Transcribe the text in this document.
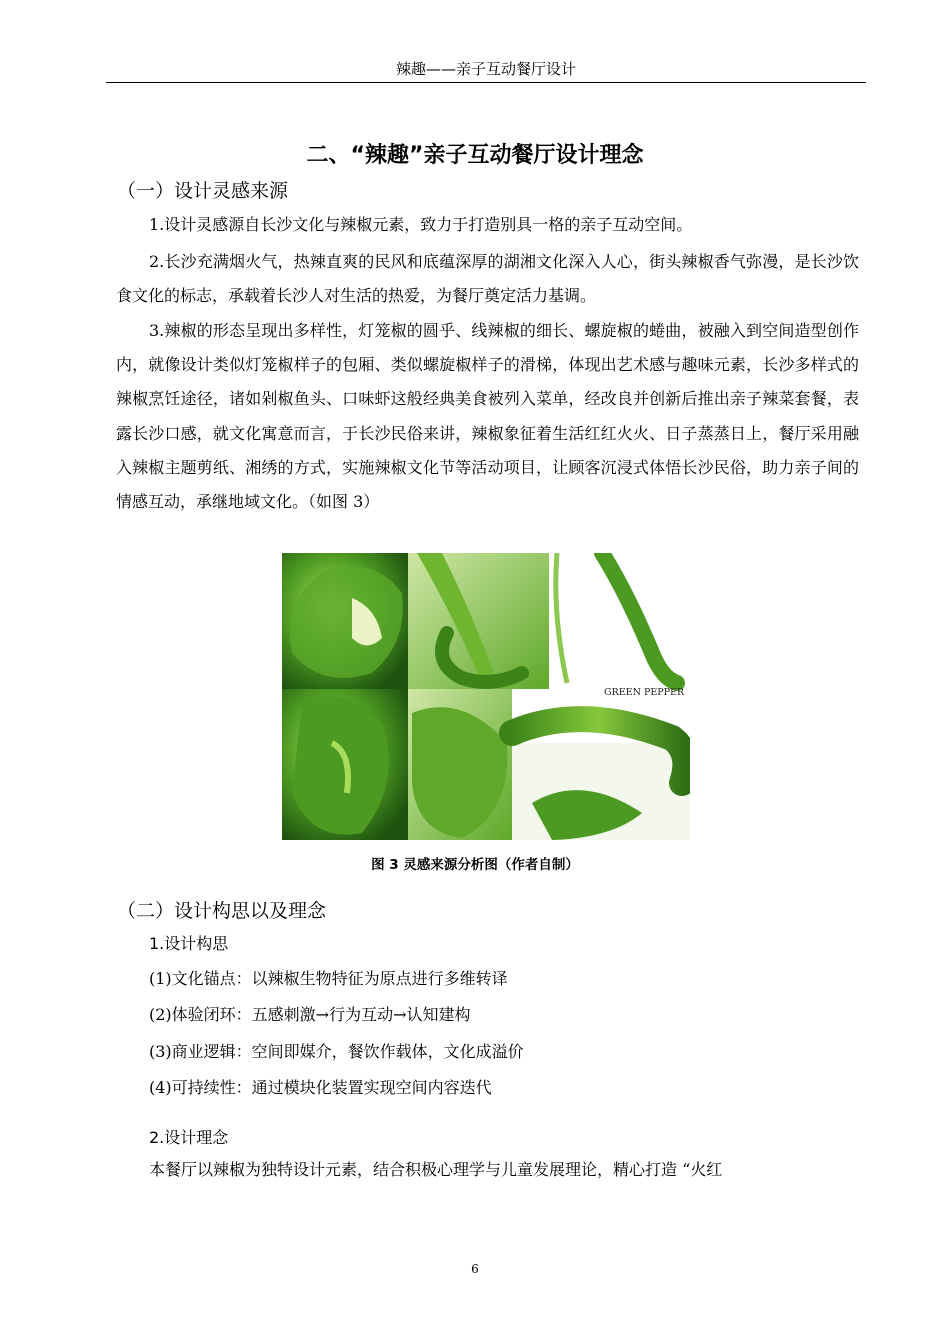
辣趣——亲子互动餐厅设计
二、“辣趣”亲子互动餐厅设计理念
（一）设计灵感来源
1.设计灵感源自长沙文化与辣椒元素，致力于打造别具一格的亲子互动空间。
2.长沙充满烟火气，热辣直爽的民风和底蕴深厚的湖湘文化深入人心，街头辣椒香气弥漫，是长沙饮食文化的标志，承载着长沙人对生活的热爱，为餐厅奠定活力基调。
3.辣椒的形态呈现出多样性，灯笼椒的圆乎、线辣椒的细长、螺旋椒的蜷曲，被融入到空间造型创作内，就像设计类似灯笼椒样子的包厢、类似螺旋椒样子的滑梯，体现出艺术感与趣味元素，长沙多样式的辣椒烹饪途径，诸如剁椒鱼头、口味虾这般经典美食被列入菜单，经改良并创新后推出亲子辣菜套餐，表露长沙口感，就文化寓意而言，于长沙民俗来讲，辣椒象征着生活红红火火、日子蒸蒸日上，餐厅采用融入辣椒主题剪纸、湘绣的方式，实施辣椒文化节等活动项目，让顾客沉浸式体悟长沙民俗，助力亲子间的情感互动，承继地域文化。（如图 3）
GREEN PEPPER
图 3 灵感来源分析图（作者自制）
（二）设计构思以及理念
1.设计构思
(1)文化锚点：以辣椒生物特征为原点进行多维转译
(2)体验闭环：五感刺激→行为互动→认知建构
(3)商业逻辑：空间即媒介，餐饮作载体，文化成溢价
(4)可持续性：通过模块化装置实现空间内容迭代
2.设计理念
本餐厅以辣椒为独特设计元素，结合积极心理学与儿童发展理论，精心打造 “火红
6
